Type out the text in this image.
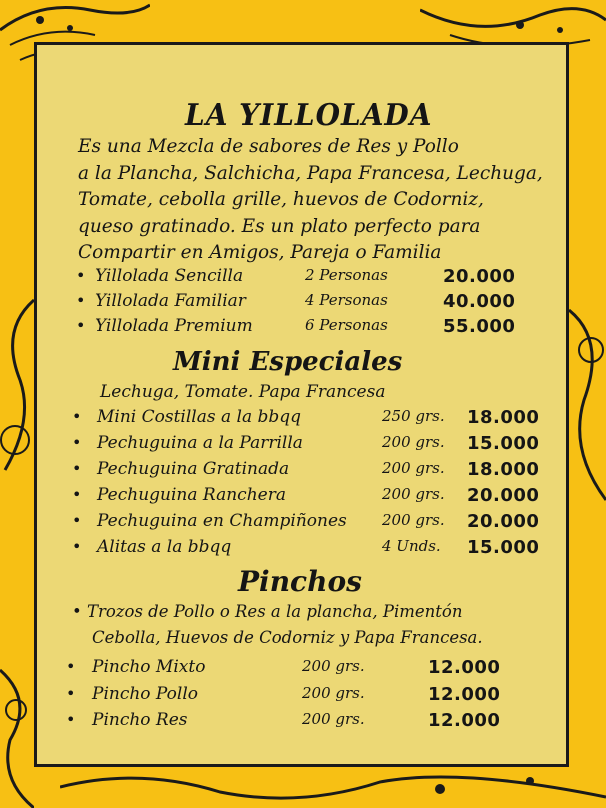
LA YILLOLADA
Es una Mezcla de sabores de Res y Pollo
a la Plancha, Salchicha, Papa Francesa, Lechuga,
Tomate, cebolla grille, huevos de Codorniz,
queso gratinado. Es un plato perfecto para
Compartir en Amigos, Pareja o Familia
• Yillolada Sencilla	2 Personas	20.000
• Yillolada Familiar	4 Personas	40.000
• Yillolada Premium	6 Personas	55.000
Mini Especiales
Lechuga, Tomate. Papa Francesa
• Mini Costillas a la bbqq	250 grs. 18.000
• Pechuguina a la Parrilla	200 grs. 15.000
• Pechuguina Gratinada	200 grs. 18.000
• Pechuguina Ranchera	200 grs. 20.000
• Pechuguina en Champiñones 200 grs. 20.000
• Alitas a la bbqq	4 Unds. 15.000
Pinchos
• Trozos de Pollo o Res a la plancha, Pimentón
Cebolla, Huevos de Codorniz y Papa Francesa.
• Pincho Mixto	200 grs.	12.000
• Pincho Pollo	200 grs.	12.000
• Pincho Res	200 grs.	12.000
